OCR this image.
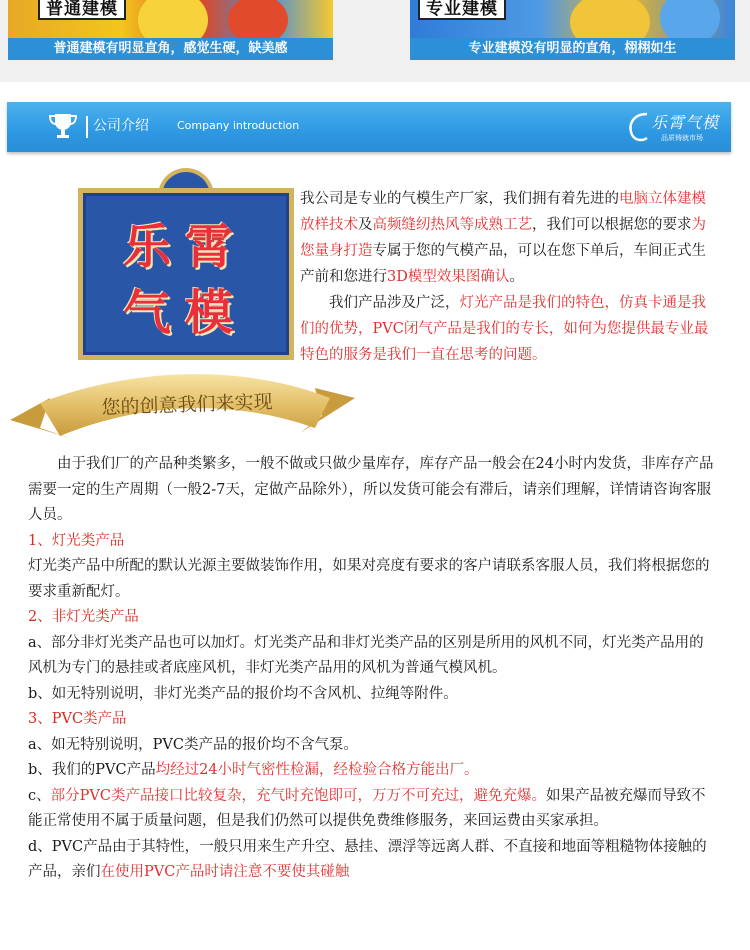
普通建模
普通建模有明显直角，感觉生硬，缺美感
专业建模
专业建模没有明显的直角，栩栩如生
公司介绍	Company introduction	乐霄气模
品质铸就市场
乐霄
气模
您的创意我们来实现

我公司是专业的气模生产厂家，我们拥有着先进的电脑立体建模放样技术及高频缝纫热风等成熟工艺，我们可以根据您的要求为您量身打造专属于您的气模产品，可以在您下单后，车间正式生产前和您进行3D模型效果图确认。

我们产品涉及广泛，灯光产品是我们的特色，仿真卡通是我们的优势，PVC闭气产品是我们的专长，如何为您提供最专业最特色的服务是我们一直在思考的问题。

由于我们厂的产品种类繁多，一般不做或只做少量库存，库存产品一般会在24小时内发货，非库存产品需要一定的生产周期（一般2-7天，定做产品除外），所以发货可能会有滞后，请亲们理解，详情请咨询客服人员。

1、灯光类产品

灯光类产品中所配的默认光源主要做装饰作用，如果对亮度有要求的客户请联系客服人员，我们将根据您的要求重新配灯。

2、非灯光类产品

a、部分非灯光类产品也可以加灯。灯光类产品和非灯光类产品的区别是所用的风机不同，灯光类产品用的风机为专门的悬挂或者底座风机，非灯光类产品用的风机为普通气模风机。

b、如无特别说明，非灯光类产品的报价均不含风机、拉绳等附件。

3、PVC类产品

a、如无特别说明，PVC类产品的报价均不含气泵。

b、我们的PVC产品均经过24小时气密性检漏，经检验合格方能出厂。

c、部分PVC类产品接口比较复杂，充气时充饱即可，万万不可充过，避免充爆。如果产品被充爆而导致不能正常使用不属于质量问题，但是我们仍然可以提供免费维修服务，来回运费由买家承担。

d、PVC产品由于其特性，一般只用来生产升空、悬挂、漂浮等远离人群、不直接和地面等粗糙物体接触的产品，亲们在使用PVC产品时请注意不要使其碰触
